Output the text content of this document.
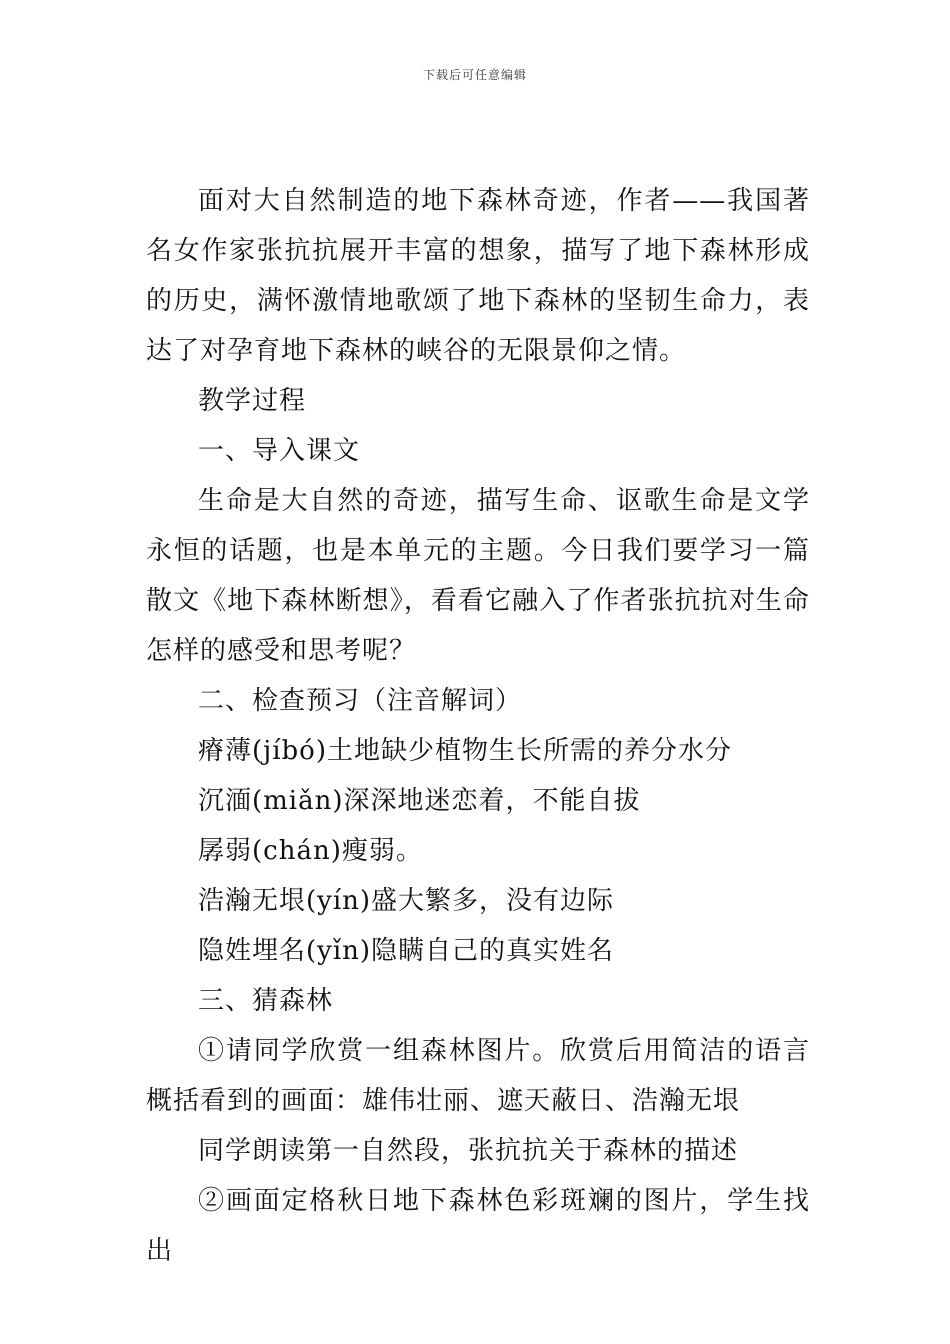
下载后可任意编辑

面对大自然制造的地下森林奇迹，作者——我国著名女作家张抗抗展开丰富的想象，描写了地下森林形成的历史，满怀激情地歌颂了地下森林的坚韧生命力，表达了对孕育地下森林的峡谷的无限景仰之情。

教学过程

一、导入课文

生命是大自然的奇迹，描写生命、讴歌生命是文学永恒的话题，也是本单元的主题。今日我们要学习一篇散文《地下森林断想》，看看它融入了作者张抗抗对生命怎样的感受和思考呢？

二、检查预习（注音解词）

瘠薄(jíbó)土地缺少植物生长所需的养分水分

沉湎(miǎn)深深地迷恋着，不能自拔

孱弱(chán)瘦弱。

浩瀚无垠(yín)盛大繁多，没有边际

隐姓埋名(yǐn)隐瞒自己的真实姓名

三、猜森林

①请同学欣赏一组森林图片。欣赏后用简洁的语言概括看到的画面：雄伟壮丽、遮天蔽日、浩瀚无垠

同学朗读第一自然段，张抗抗关于森林的描述

②画面定格秋日地下森林色彩斑斓的图片，学生找出
